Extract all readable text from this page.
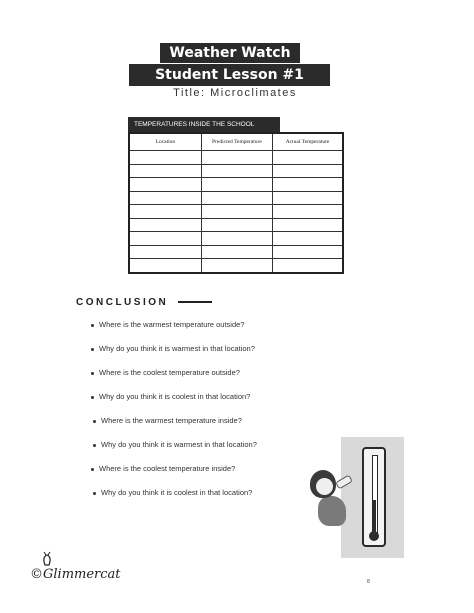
Weather Watch
Student Lesson #1
Title: Microclimates
TEMPERATURES INSIDE THE SCHOOL
Location	Predicted Temperature	Actual Temperature

CONCLUSION
Where is the warmest temperature outside?
Why do you think it is warmest in that location?
Where is the coolest temperature outside?
Why do you think it is coolest in that location?
Where is the warmest temperature inside?
Why do you think it is warmest in that location?
Where is the coolest temperature inside?
Why do you think it is coolest in that location?
©Glimmercat	8
